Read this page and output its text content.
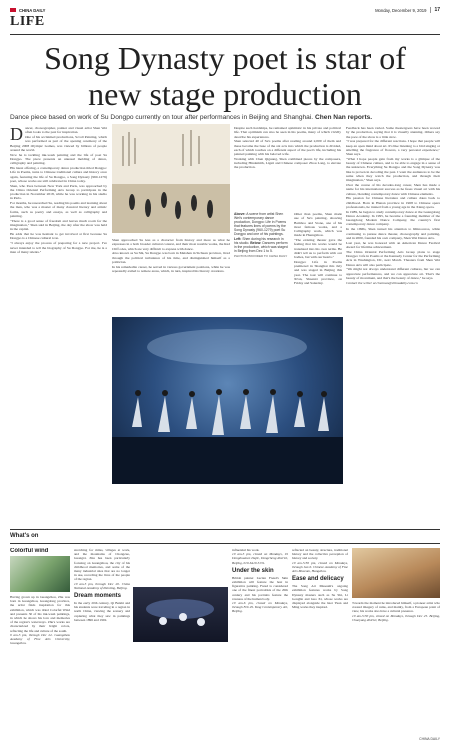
CHINA DAILY	Monday, December 9, 2019	17
LIFE
Song Dynasty poet is star of
new stage production
Dance piece based on work of Su Dongpo currently on tour after performances in Beijing and Shanghai. Chen Nan reports.
D ancer, choreographer, painter and visual artist Shen Wei often looks to the past for inspiration.

One of his acclaimed productions, Scroll Painting, which was performed as part of the opening ceremony of the Beijing 2008 Olympic Games, was viewed by billions of people around the world.

Now he is tackling ink-wash painting and the life of poet Su Dongpo. The piece presents an unusual melding of dance, calligraphy and painting.

His latest offering, a contemporary dance production titled Dongpo: Life in Poems, turns to Chinese traditional culture and history once again, featuring the life of Su Dongpo, a Song Dynasty (960-1279) poet, whose works are still celebrated in China today.

Shen, who lives between New York and Paris, was approached by the China Oriental Performing Arts Group to participate in the production in November 2018, while he was working in his studio in Paris.

For months, he researched Su, reading his poems and learning about the man, who was a master of many classical literary and artistic forms, such as poetry and essays, as well as calligraphy and painting.

"There is a good sense of freedom and leaves much room for the imagination," Shen said in Beijing, the day after the show was held in the capital.

He adds that he was hesitant to get involved at first because Su Dongpo is a Chinese cultural icon.

"I always enjoy the process of preparing for a new project. I've never intended to tell the biography of Su Dongpo. For me, he is a man of many talents."

Shen approached Su less as a character from history and more as what he expresses in a both broader cultural context, and their most notable works, the Red Cliff odes, which are very difficult to express with dance.

Also known as Su Shi, Su Dongpo was born in Meishan in Sichuan province, lived through the political turbulence of his time, and distinguished himself as a politician.

In his remarkable career, he served in various government positions, while he was repeatedly exiled to remote areas, which, in turn, inspired his literary creations.

Above: A scene from artist Shen Wei's contemporary dance production, Dongpo: Life in Poems that features lines of poems by the Song Dynasty (960-1279) poet Su Dongpo and one of his paintings. Left: Shen during his research in his studio. Below: Dancers perform in the production, which was staged in Beijing from Dec 1 to 5.
PHOTOS PROVIDED TO CHINA DAILY

Despite such hardships, he remained optimistic in his private and political life. That optimism can also be seen in his poems, many of which vividly describe his experiences.

Shen selected 40 of Su's poems after reading around 2,000 of them and these became the base of the six acts into which the production is divided, each of which touches on a different aspect of the poet's life, including his painted painting with his beloved wife.

Working with Chen Qiguang, Shen combined pieces by the composers, including Hindemith, Ligeti and Chinese composer Zhou Long, to elevate the production.

Other than poems, Shen made use of Su's painting, showing Bamboo and Stone, one of his most famous works, and a Calligraphy work, which was made in Huangzhou.

"The existing theater gave the feeling that his works would be translated into his own terms. He didn't tell us to perform with our bodies, but with our hearts."

Dongpo: Life in Poems premiered in Shanghai this July and was staged in Beijing this year. The tour will continue to Xi'an, Shaanxi province, on Friday and Saturday.

Feedback has been varied. Some theatergoers have been wowed by the production, saying that it is visually stunning. Others say the pace of the show is a little slow.

"I was prepared for the different reactions. I hope that people will keep an open mind about art. It's like listening to a bird singing or smelling the fragrance of flowers, a very personal experience," Shen says.

"What I hope people gain from my works is a glimpse of the beauty of Chinese culture, and to be able to engage in a sense of the unknown. Everything Su Dongpo and the Song Dynasty was like is proven in decoding the past. I want the audiences to be the same when they watch the production, and through their imagination," Shen says.

Over the course of his decades-long career, Shen has made a name for his international success as he fuses visual art with his culture, blending contemporary dance with Chinese elements.

His passion for Chinese literature and culture dates back to childhood. Born in Hunan province in 1968 to Chinese opera professionals, he trained from a young age in the Xiang opera.

In 1989, he began to study contemporary dance at the Guangdong Dance Academy. In 1995, he became a founding member of the Guangdong Modern Dance Company, the country's first contemporary dance company.

In the 1990s, Shen turned his attention to Rhinoceros, while continuing to pursue dance theater, choreography and painting, and in 2000, founded his own company, Shen Wei Dance Arts.

Last year, he was honored with an American Dance Festival Award for lifetime achievement.

The China Oriental Performing Arts Group plans to stage Dongpo: Life in Poems at the Kennedy Center for the Performing Arts in Washington, DC, next March. Theaters from Shen Wei Dance Arts will also participate.

"We might not always understand different cultures, but we can appreciate performances, and we can appreciate art. That's the beauty of movement, and that's the beauty of dance," he says.

Contact the writer at chennan@chinadaily.com.cn

What's on
Colorful wind

Having grown up in Guangzhou, Zhu was born in Guangzhou, Guangdong province, the artist finds inspiration for this exhibition, which was titled Colorful Wind and presents 30 of his ink-wash paintings, in which he shows his love and memories of the region's waterways. Zhu's works are characterized by their bright colors, reflecting the life and culture of the south.

9 am-5 pm, through Dec 22. Guangzhou Academy of Fine Arts University, Guangzhou.

stretching for miles, villages at work, and the mountains of Chongzuo, Guangxi. Zhu has been particularly focusing on Guangzhou, the city of his childhood memories, and some of the many industrial sites that are no longer in use, recording the lives of the people of the region.

10 am-5 pm, through Dec 20. China National Academy of Painting, Beijing.

Dream moments

In the early 20th century, Qi Baishi and his students were traveling in a region in north China, viewing the scenery and capturing what they saw in paintings between 1896 and 1902.

influential his work.

10 am-5 pm, closed on Mondays, 19 Donghuamen Dajie, Dongcheng district, Beijing, 010-6410-5131.

Under the skin

British painter Lucian Freud's Skin exhibition will feature the best in figurative painting. Freud is considered one of the finest portraitists of the 20th century and his portraits feature the rawness of the human body.

10 am-6 pm, closed on Mondays, through Feb 29. Tang Contemporary Art, Beijing.

reflected on beauty, structure, traditional history and the collective perception of history and society.

10 am-5:30 pm, closed on Mondays, through Jan 6. Chinese Academy of Fine Arts Museum, Hangzhou.

Ease and delicacy

The Song Art Museum's ongoing exhibition features works by Song Dynasty masters such as Su Shi, Li Gonglin and Guo Xi, whose works are displayed alongside the later Yuan and Ming works they inspired.

Towards the moment he introduced himself, a pioneer artist who created imagery of ruins, and mainly, from a European point of view, his works also have a cultural presence.

10 am-5:30 pm, closed on Mondays, through Dec 25. Beijing, Chaoyang district, Beijing.

CHINA DAILY
